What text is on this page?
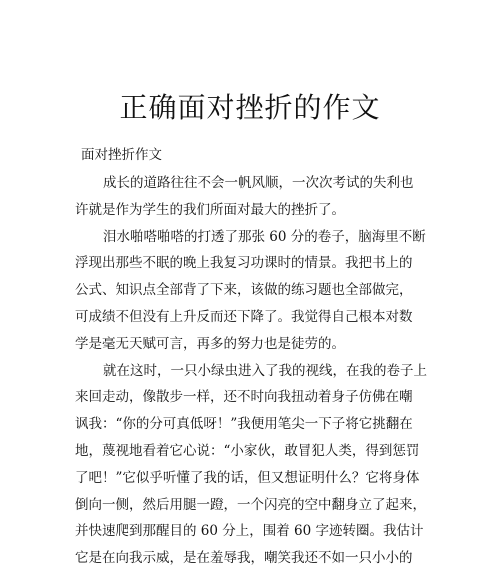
正确面对挫折的作文
面对挫折作文
成长的道路往往不会一帆风顺，一次次考试的失利也
许就是作为学生的我们所面对最大的挫折了。
泪水啪嗒啪嗒的打透了那张 60 分的卷子，脑海里不断
浮现出那些不眠的晚上我复习功课时的情景。我把书上的
公式、知识点全部背了下来，该做的练习题也全部做完，
可成绩不但没有上升反而还下降了。我觉得自己根本对数
学是毫无天赋可言，再多的努力也是徒劳的。
就在这时，一只小绿虫进入了我的视线，在我的卷子上
来回走动，像散步一样，还不时向我扭动着身子仿佛在嘲
讽我：“你的分可真低呀！”我便用笔尖一下子将它挑翻在
地，蔑视地看着它心说：“小家伙，敢冒犯人类，得到惩罚
了吧！”它似乎听懂了我的话，但又想证明什么？它将身体
倒向一侧，然后用腿一蹬，一个闪亮的空中翻身立了起来，
并快速爬到那醒目的 60 分上，围着 60 字迹转圈。我估计
它是在向我示威，是在羞辱我，嘲笑我还不如一只小小的
